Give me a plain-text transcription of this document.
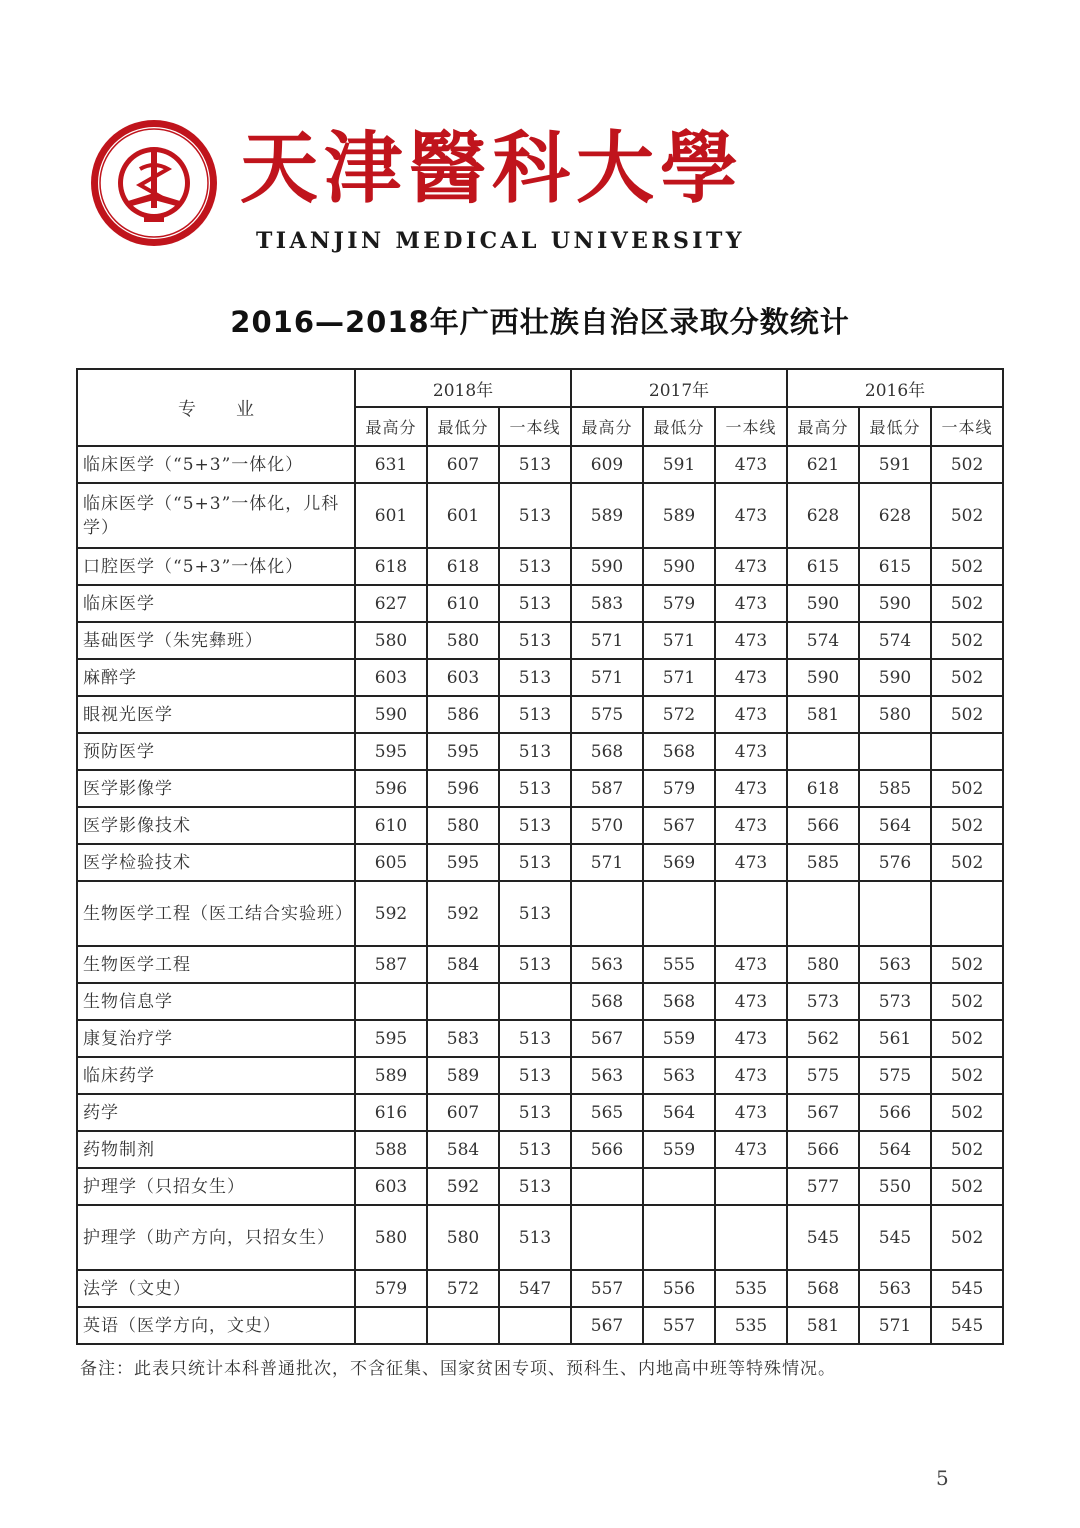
天津醫科大學
TIANJIN MEDICAL UNIVERSITY
2016—2018年广西壮族自治区录取分数统计
专业	2018年			2017年			2016年		
	最高分	最低分	一本线	最高分	最低分	一本线	最高分	最低分	一本线
临床医学（“5+3”一体化）	631	607	513	609	591	473	621	591	502
临床医学（“5+3”一体化，儿科学）	601	601	513	589	589	473	628	628	502
口腔医学（“5+3”一体化）	618	618	513	590	590	473	615	615	502
临床医学	627	610	513	583	579	473	590	590	502
基础医学（朱宪彝班）	580	580	513	571	571	473	574	574	502
麻醉学	603	603	513	571	571	473	590	590	502
眼视光医学	590	586	513	575	572	473	581	580	502
预防医学	595	595	513	568	568	473			
医学影像学	596	596	513	587	579	473	618	585	502
医学影像技术	610	580	513	570	567	473	566	564	502
医学检验技术	605	595	513	571	569	473	585	576	502
生物医学工程（医工结合实验班）	592	592	513						
生物医学工程	587	584	513	563	555	473	580	563	502
生物信息学				568	568	473	573	573	502
康复治疗学	595	583	513	567	559	473	562	561	502
临床药学	589	589	513	563	563	473	575	575	502
药学	616	607	513	565	564	473	567	566	502
药物制剂	588	584	513	566	559	473	566	564	502
护理学（只招女生）	603	592	513				577	550	502
护理学（助产方向，只招女生）	580	580	513				545	545	502
法学（文史）	579	572	547	557	556	535	568	563	545
英语（医学方向，文史）				567	557	535	581	571	545
备注：此表只统计本科普通批次，不含征集、国家贫困专项、预科生、内地高中班等特殊情况。
5
